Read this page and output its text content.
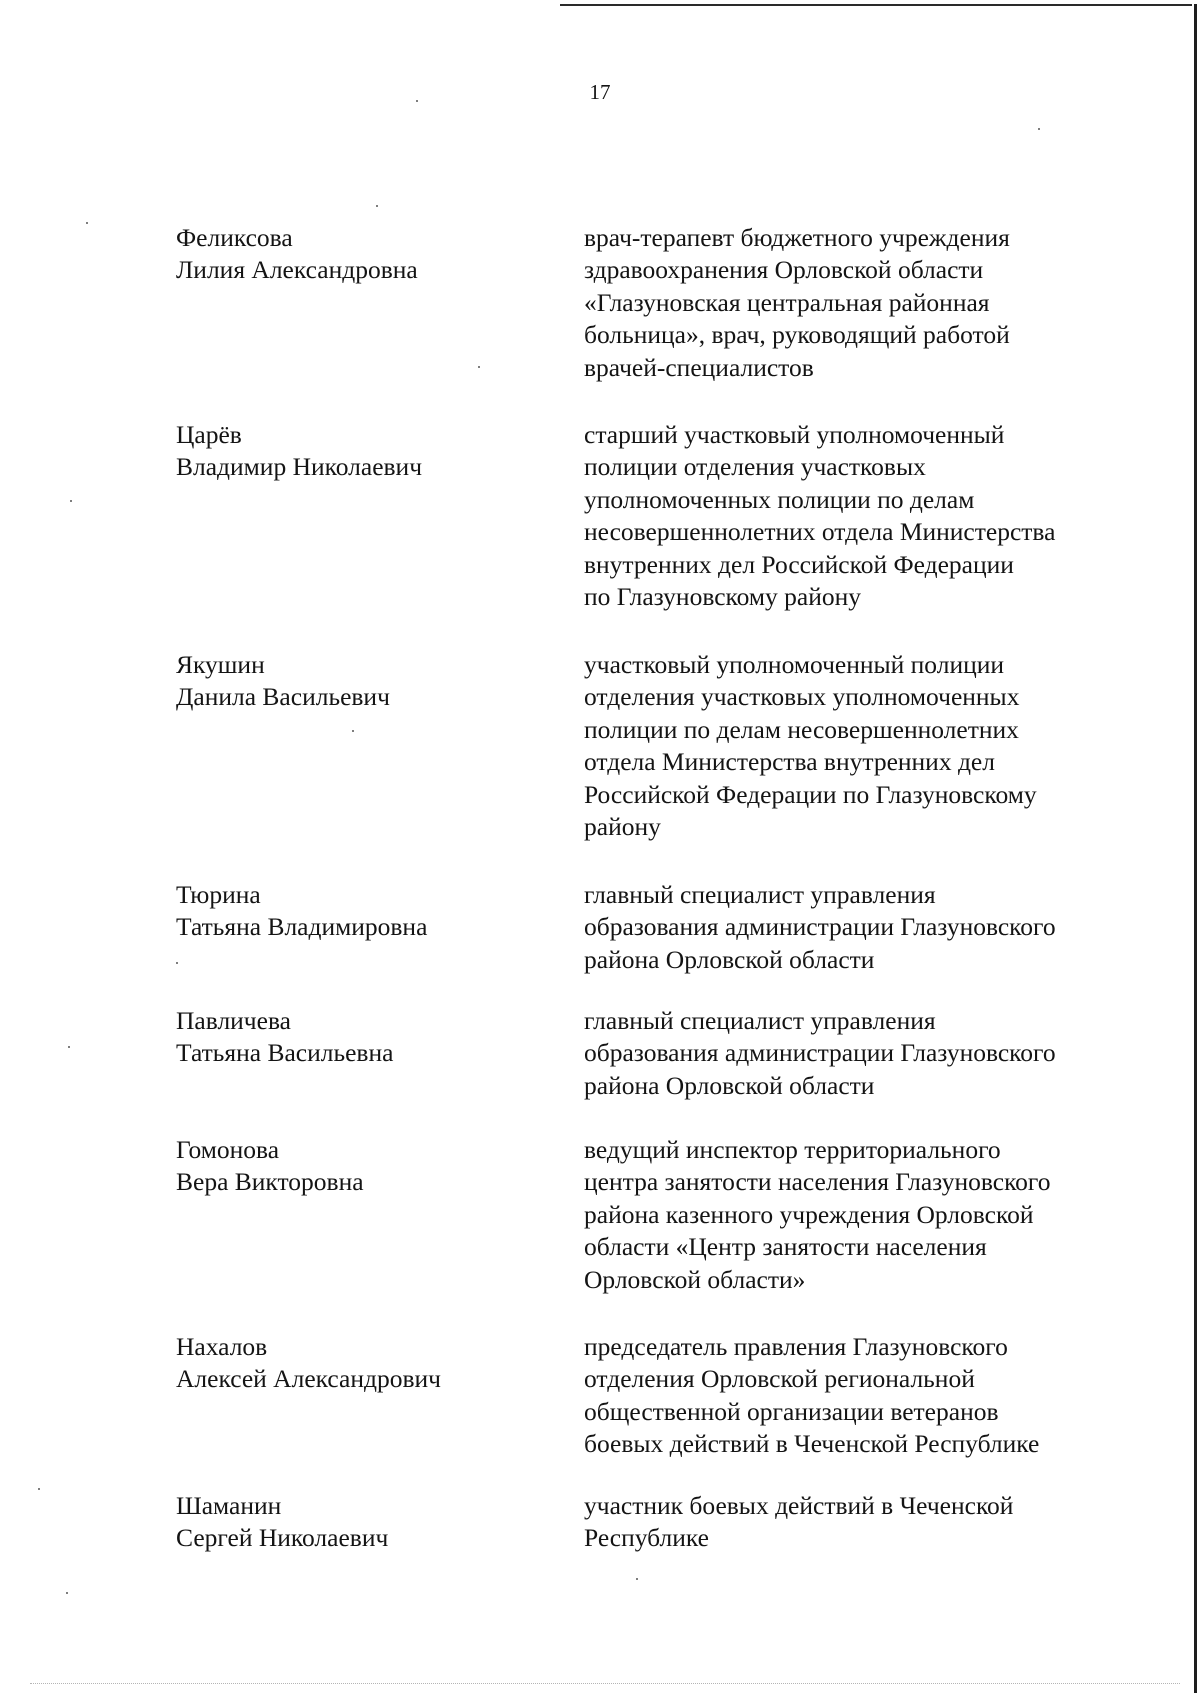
17

Феликсова
Лилия Александровна

врач-терапевт бюджетного учреждения
здравоохранения Орловской области
«Глазуновская центральная районная
больница», врач, руководящий работой
врачей-специалистов

Царёв
Владимир Николаевич

старший участковый уполномоченный
полиции отделения участковых
уполномоченных полиции по делам
несовершеннолетних отдела Министерства
внутренних дел Российской Федерации
по Глазуновскому району

Якушин
Данила Васильевич

участковый уполномоченный полиции
отделения участковых уполномоченных
полиции по делам несовершеннолетних
отдела Министерства внутренних дел
Российской Федерации по Глазуновскому
району

Тюрина
Татьяна Владимировна

главный специалист управления
образования администрации Глазуновского
района Орловской области

Павличева
Татьяна Васильевна

главный специалист управления
образования администрации Глазуновского
района Орловской области

Гомонова
Вера Викторовна

ведущий инспектор территориального
центра занятости населения Глазуновского
района казенного учреждения Орловской
области «Центр занятости населения
Орловской области»

Нахалов
Алексей Александрович

председатель правления Глазуновского
отделения Орловской региональной
общественной организации ветеранов
боевых действий в Чеченской Республике

Шаманин
Сергей Николаевич

участник боевых действий в Чеченской
Республике
